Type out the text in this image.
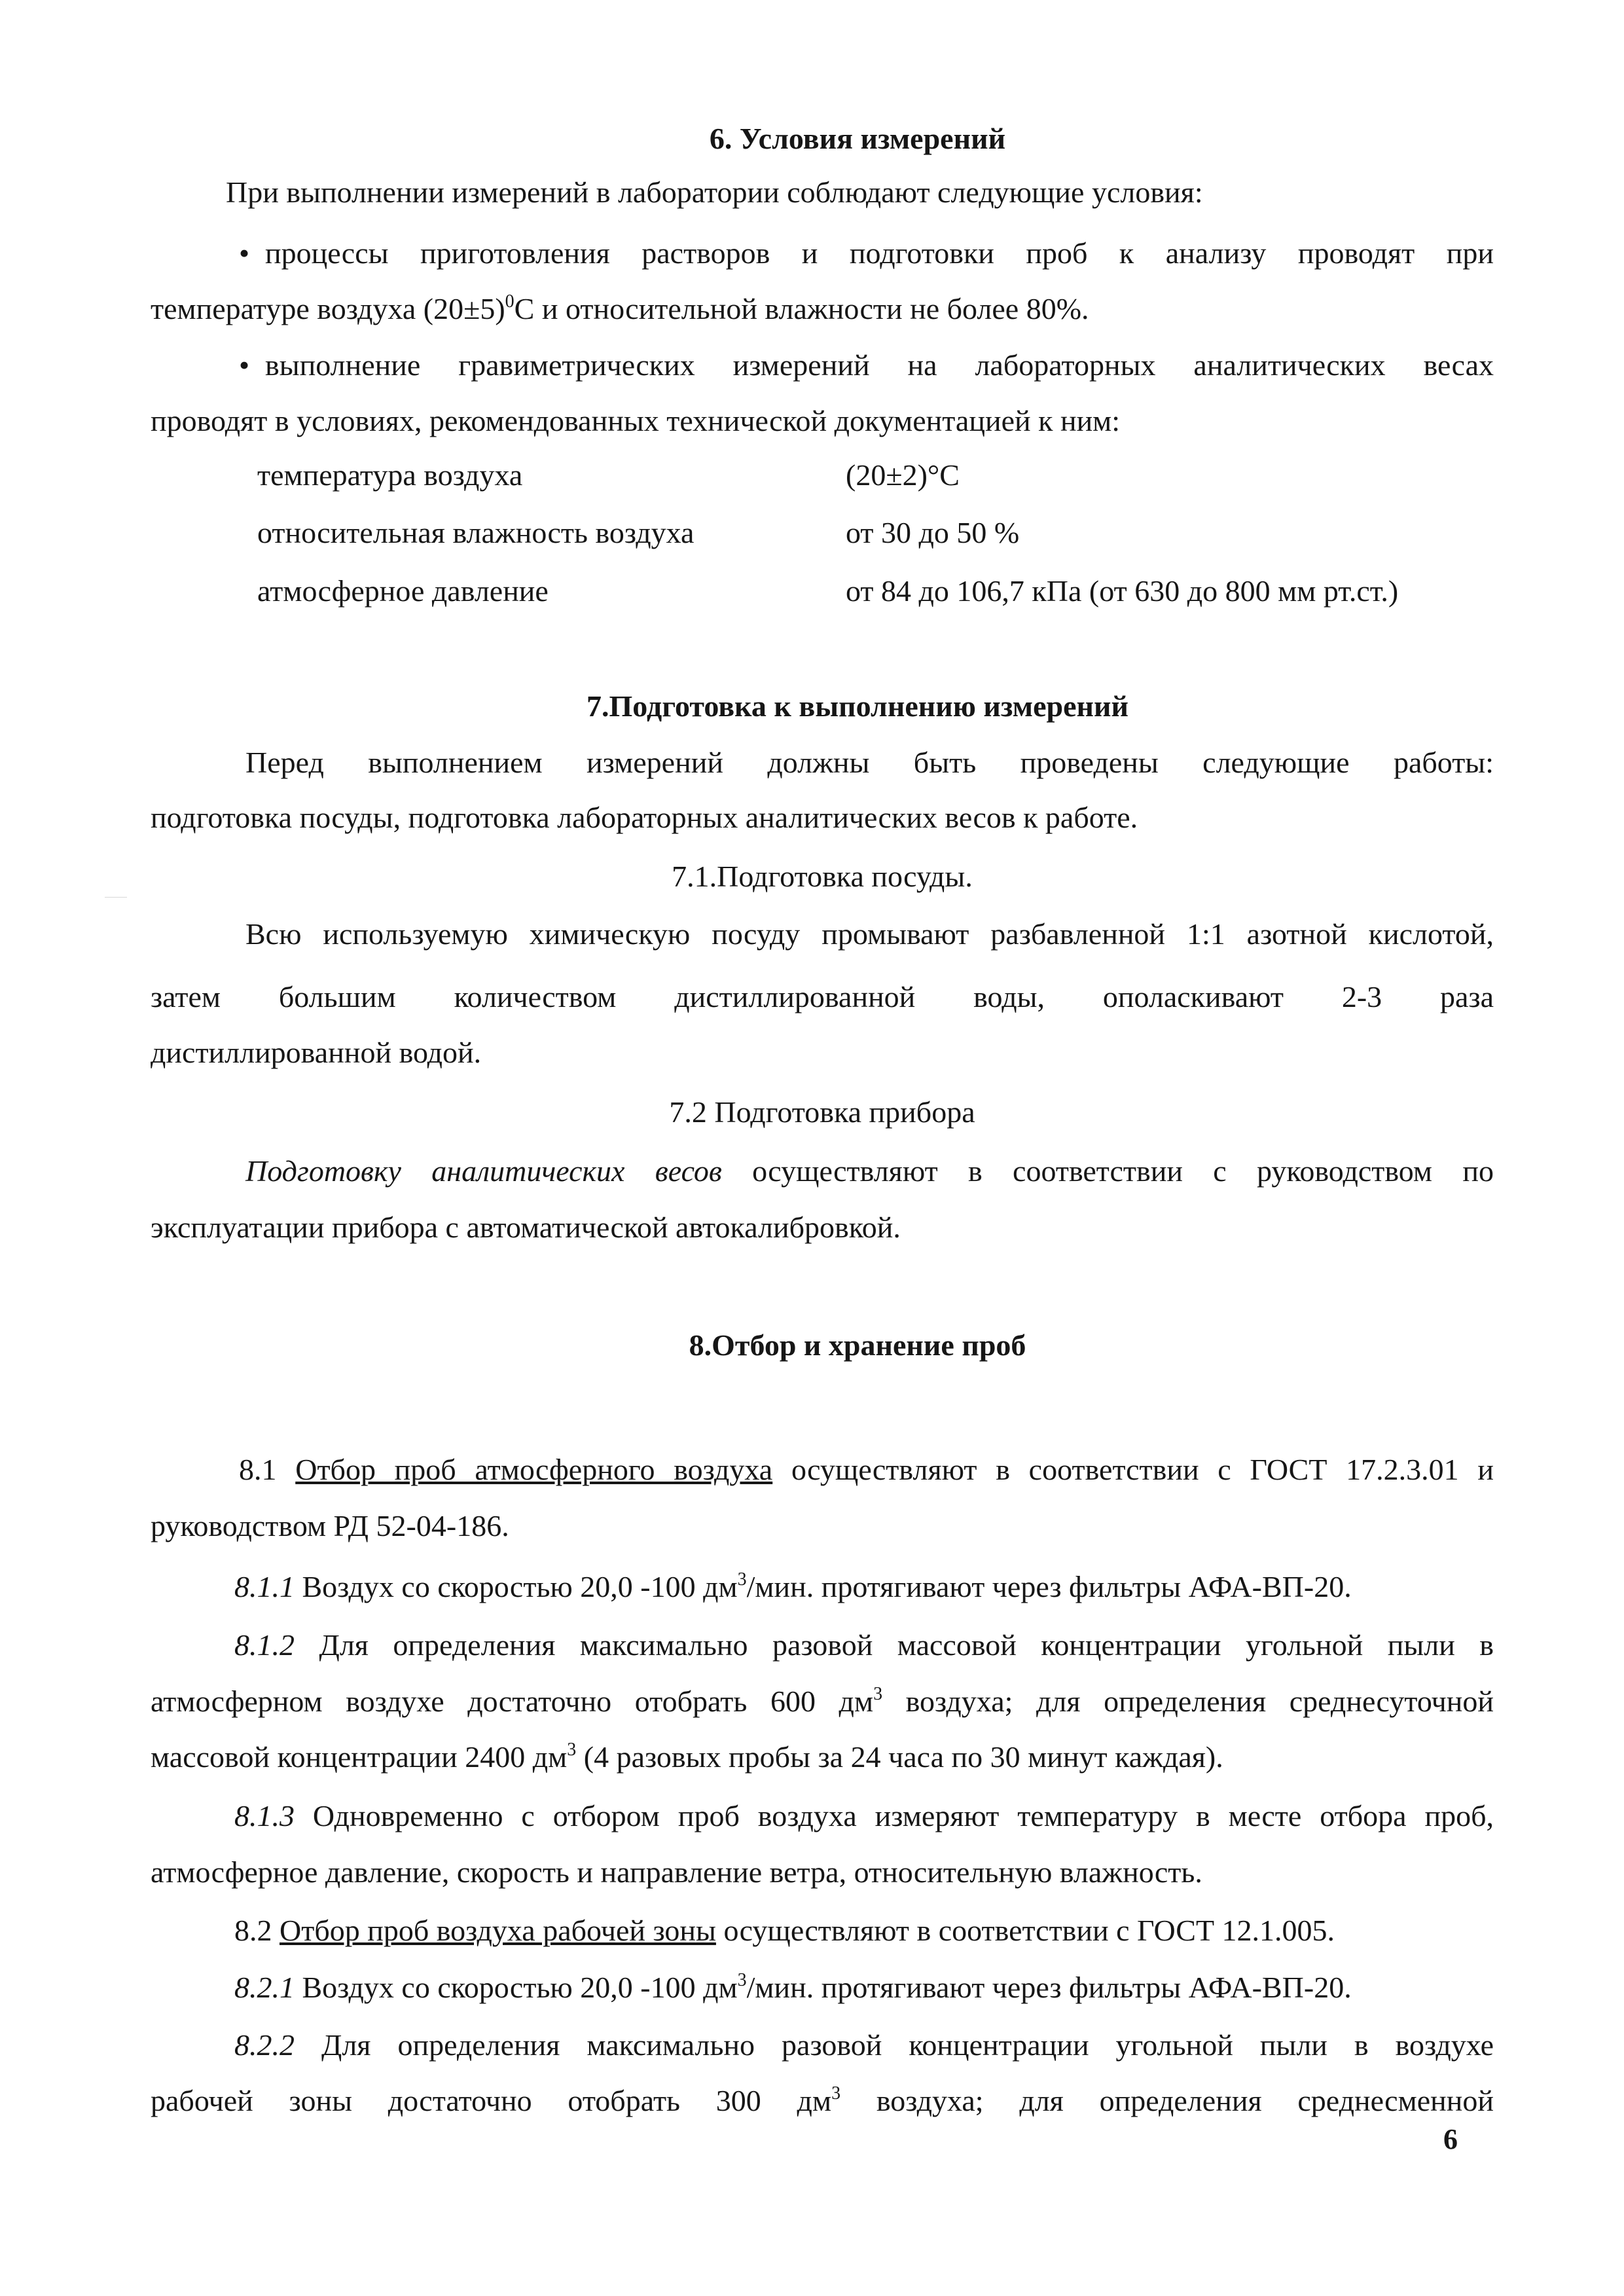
6. Условия измерений

При выполнении измерений в лаборатории соблюдают следующие условия:

• процессы приготовления растворов и подготовки проб к анализу проводят при

температуре воздуха $(20\pm 5)^0С$ и относительной влажности не более 80%.

• выполнение гравиметрических измерений на лабораторных аналитических весах

проводят в условиях, рекомендованных технической документацией к ним:

температура воздуха	(20±2)°С

относительная влажность воздуха	от 30 до 50 %

атмосферное давление	от 84 до 106,7 кПа (от 630 до 800 мм рт.ст.)

7.Подготовка к выполнению измерений

Перед выполнением измерений должны быть проведены следующие работы:

подготовка посуды, подготовка лабораторных аналитических весов к работе.

7.1.Подготовка посуды.

Всю используемую химическую посуду промывают разбавленной 1:1 азотной кислотой,

затем большим количеством дистиллированной воды, ополаскивают 2-3 раза

дистиллированной водой.

7.2 Подготовка прибора

Подготовку аналитических весов осуществляют в соответствии с руководством по

эксплуатации прибора с автоматической автокалибровкой.

8.Отбор и хранение проб

8.1 Отбор проб атмосферного воздуха осуществляют в соответствии с ГОСТ 17.2.3.01 и

руководством РД 52-04-186.

8.1.1 Воздух со скоростью 20,0 -100 $дм^3$/мин. протягивают через фильтры АФА-ВП-20.

8.1.2 Для определения максимально разовой массовой концентрации угольной пыли в

атмосферном воздухе достаточно отобрать 600 $дм^3$ воздуха; для определения среднесуточной

массовой концентрации 2400 $дм^3$ (4 разовых пробы за 24 часа по 30 минут каждая).

8.1.3 Одновременно с отбором проб воздуха измеряют температуру в месте отбора проб,

атмосферное давление, скорость и направление ветра, относительную влажность.

8.2 Отбор проб воздуха рабочей зоны осуществляют в соответствии с ГОСТ 12.1.005.

8.2.1 Воздух со скоростью 20,0 -100 $дм^3$/мин. протягивают через фильтры АФА-ВП-20.

8.2.2 Для определения максимально разовой концентрации угольной пыли в воздухе

рабочей зоны достаточно отобрать 300 $дм^3$ воздуха; для определения среднесменной

6
